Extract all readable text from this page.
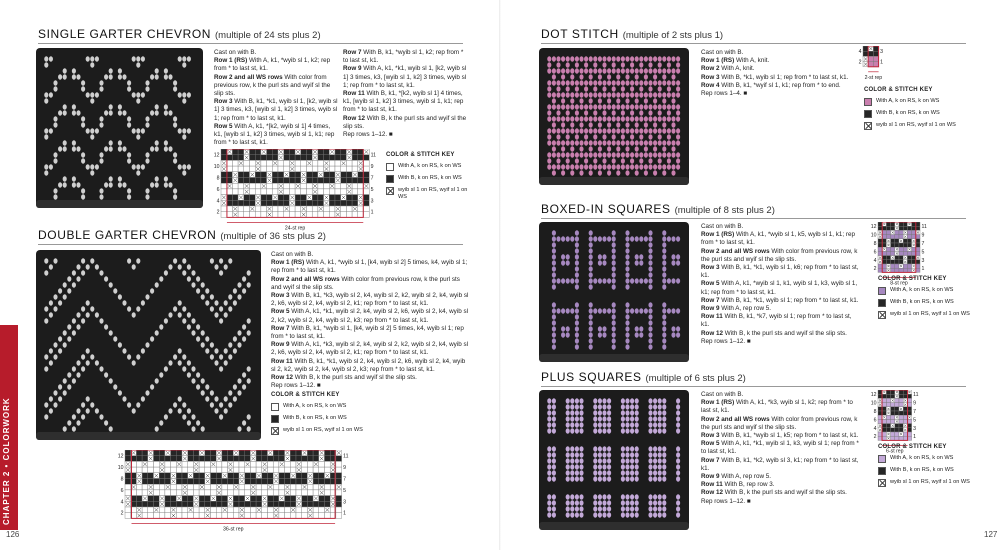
CHAPTER 2 • COLORWORK
126	127
SINGLE GARTER CHEVRON (multiple of 24 sts plus 2)

Cast on with B.

Row 1 (RS) With A, k1, *wyib sl 1, k2; rep from * to last st, k1.

Row 2 and all WS rows With color from previous row, k the purl sts and wyif sl the slip sts.

Row 3 With B, k1, *k1, wyib sl 1, [k2, wyib sl 1] 3 times, k3, [wyib sl 1, k2] 3 times, wyib sl 1; rep from * to last st, k1.

Row 5 With A, k1, *[k2, wyib sl 1] 4 times, k1, [wyib sl 1, k2] 3 times, wyib sl 1, k1; rep from * to last st, k1.

Row 7 With B, k1, *wyib sl 1, k2; rep from * to last st, k1.

Row 9 With A, k1, *k1, wyib sl 1, [k2, wyib sl 1] 3 times, k3, [wyib sl 1, k2] 3 times, wyib sl 1; rep from * to last st, k1.

Row 11 With B, k1, *[k2, wyib sl 1] 4 times, k1, [wyib sl 1, k2] 3 times, wyib sl 1, k1; rep from * to last st, k1.

Row 12 With B, k the purl sts and wyif sl the slip sts.

Rep rows 1–12. ■

12
10
8
6
4
2
11
9
7
5
3
1
24-st rep
COLOR & STITCH KEY
With A, k on RS, k on WS
With B, k on RS, k on WS
wyib sl 1 on RS, wyif sl 1 on WS
DOUBLE GARTER CHEVRON (multiple of 36 sts plus 2)

Cast on with B.

Row 1 (RS) With A, k1, *wyib sl 1, [k4, wyib sl 2] 5 times, k4, wyib sl 1; rep from * to last st, k1.

Row 2 and all WS rows With color from previous row, k the purl sts and wyif sl the slip sts.

Row 3 With B, k1, *k3, wyib sl 2, k4, wyib sl 2, k2, wyib sl 2, k4, wyib sl 2, k6, wyib sl 2, k4, wyib sl 2, k1; rep from * to last st, k1.

Row 5 With A, k1, *k1, wyib sl 2, k4, wyib sl 2, k6, wyib sl 2, k4, wyib sl 2, k2, wyib sl 2, k4, wyib sl 2, k3; rep from * to last st, k1.

Row 7 With B, k1, *wyib sl 1, [k4, wyib sl 2] 5 times, k4, wyib sl 1; rep from * to last st, k1.

Row 9 With A, k1, *k3, wyib sl 2, k4, wyib sl 2, k2, wyib sl 2, k4, wyib sl 2, k6, wyib sl 2, k4, wyib sl 2, k1; rep from * to last st, k1.

Row 11 With B, k1, *k1, wyib sl 2, k4, wyib sl 2, k6, wyib sl 2, k4, wyib sl 2, k2, wyib sl 2, k4, wyib sl 2, k3; rep from * to last st, k1.

Row 12 With B, k the purl sts and wyif sl the slip sts.

Rep rows 1–12. ■

COLOR & STITCH KEY
With A, k on RS, k on WS
With B, k on RS, k on WS
wyib sl 1 on RS, wyif sl 1 on WS
12
10
8
6
4
2
11
9
7
5
3
1
36-st rep
DOT STITCH (multiple of 2 sts plus 1)

Cast on with B.

Row 1 (RS) With A, knit.

Row 2 With A, knit.

Row 3 With B, *k1, wyib sl 1; rep from * to last st, k1.

Row 4 With B, k1, *wyif sl 1, k1; rep from * to end.

Rep rows 1–4. ■

4
2
3
1
2-st rep
COLOR & STITCH KEY
With A, k on RS, k on WS
With B, k on RS, k on WS
wyib sl 1 on RS, wyif sl 1 on WS
BOXED-IN SQUARES (multiple of 8 sts plus 2)

Cast on with B.

Row 1 (RS) With A, k1, *wyib sl 1, k5, wyib sl 1, k1; rep from * to last st, k1.

Row 2 and all WS rows With color from previous row, k the purl sts and wyif sl the slip sts.

Row 3 With B, k1, *k1, wyib sl 1, k6; rep from * to last st, k1.

Row 5 With A, k1, *wyib sl 1, k1, wyib sl 1, k3, wyib sl 1, k1; rep from * to last st, k1.

Row 7 With B, k1, *k1, wyib sl 1; rep from * to last st, k1.

Row 9 With A, rep row 5.

Row 11 With B, k1, *k7, wyib sl 1; rep from * to last st, k1.

Row 12 With B, k the purl sts and wyif sl the slip sts.

Rep rows 1–12. ■

12
10
8
6
4
2
11
9
7
5
3
1
8-st rep
COLOR & STITCH KEY
With A, k on RS, k on WS
With B, k on RS, k on WS
wyib sl 1 on RS, wyif sl 1 on WS
PLUS SQUARES (multiple of 6 sts plus 2)

Cast on with B.

Row 1 (RS) With A, k1, *k3, wyib sl 1, k2; rep from * to last st, k1.

Row 2 and all WS rows With color from previous row, k the purl sts and wyif sl the slip sts.

Row 3 With B, k1, *wyib sl 1, k5; rep from * to last st, k1.

Row 5 With A, k1, *k1, wyib sl 1, k3, wyib sl 1; rep from * to last st, k1.

Row 7 With B, k1, *k2, wyib sl 3, k1; rep from * to last st, k1.

Row 9 With A, rep row 5.

Row 11 With B, rep row 3.

Row 12 With B, k the purl sts and wyif sl the slip sts.

Rep rows 1–12. ■

12
10
8
6
4
2
11
9
7
5
3
1
6-st rep
COLOR & STITCH KEY
With A, k on RS, k on WS
With B, k on RS, k on WS
wyib sl 1 on RS, wyif sl 1 on WS
